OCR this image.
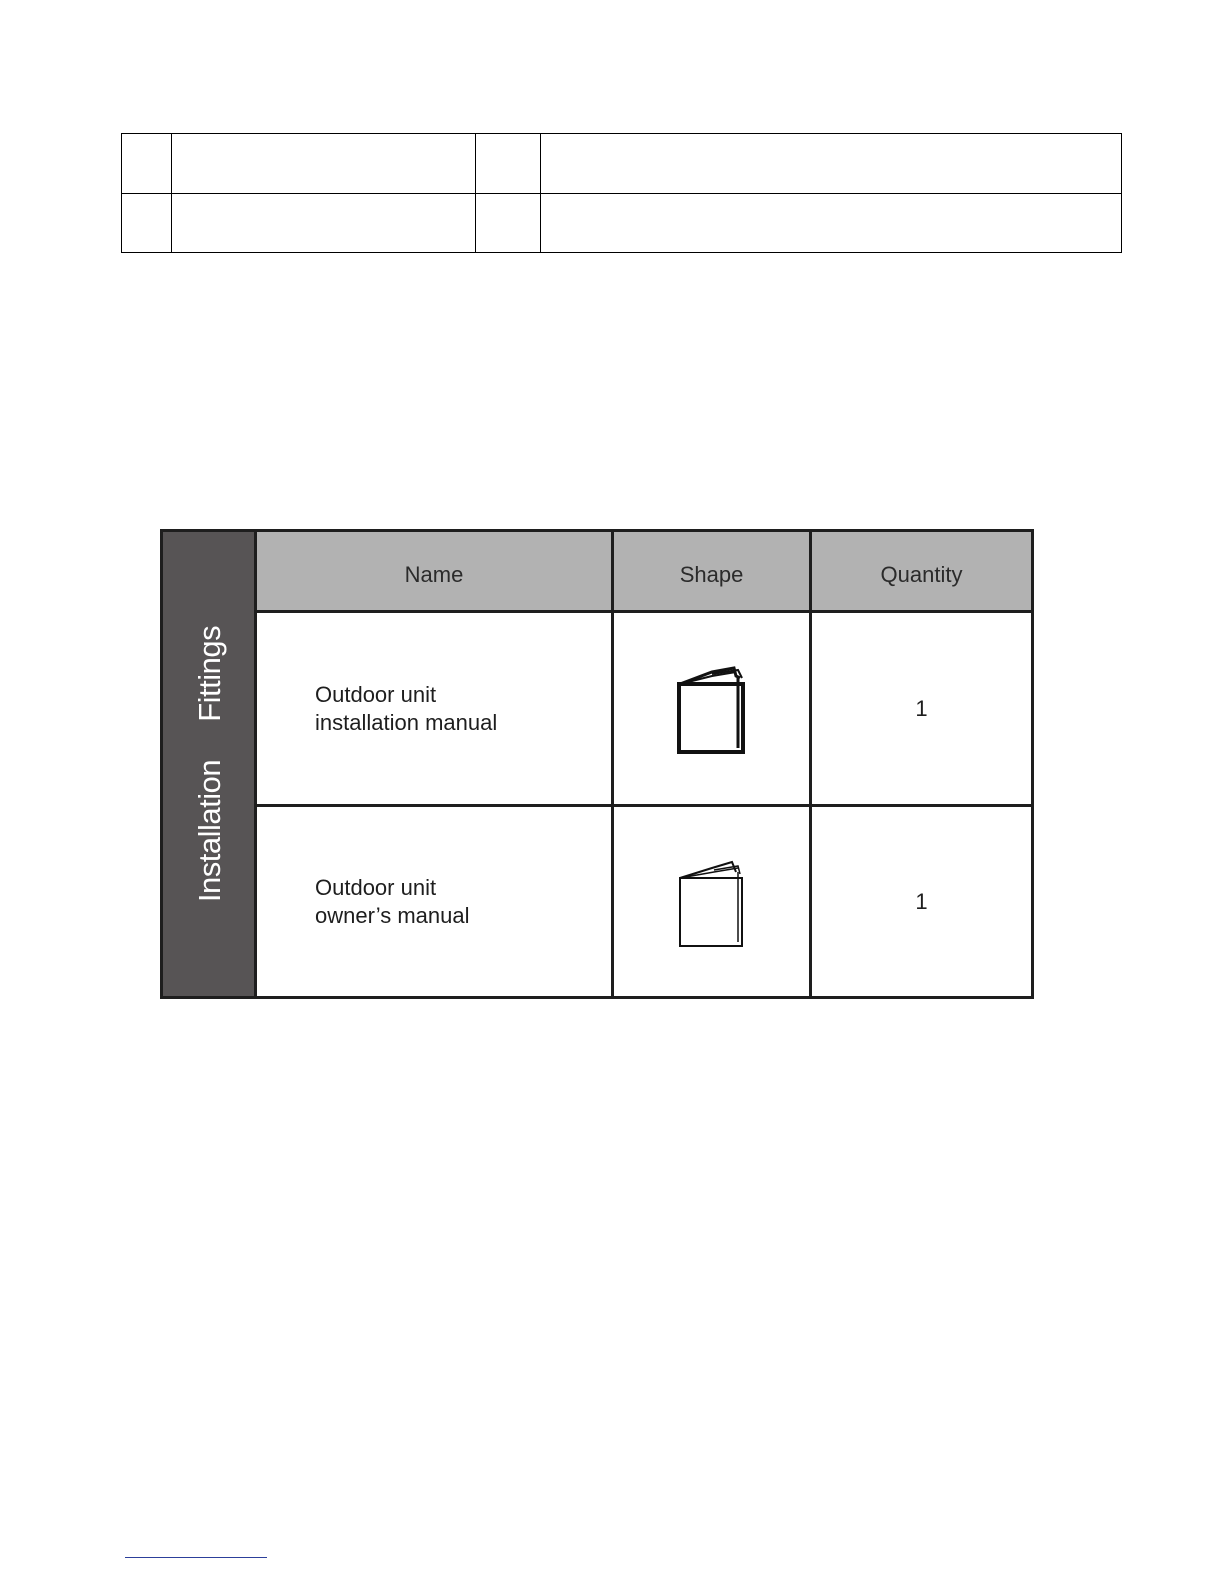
Installation Fittings
Name	Shape	Quantity
Outdoor unit
installation manual
1
Outdoor unit
owner’s manual
1
